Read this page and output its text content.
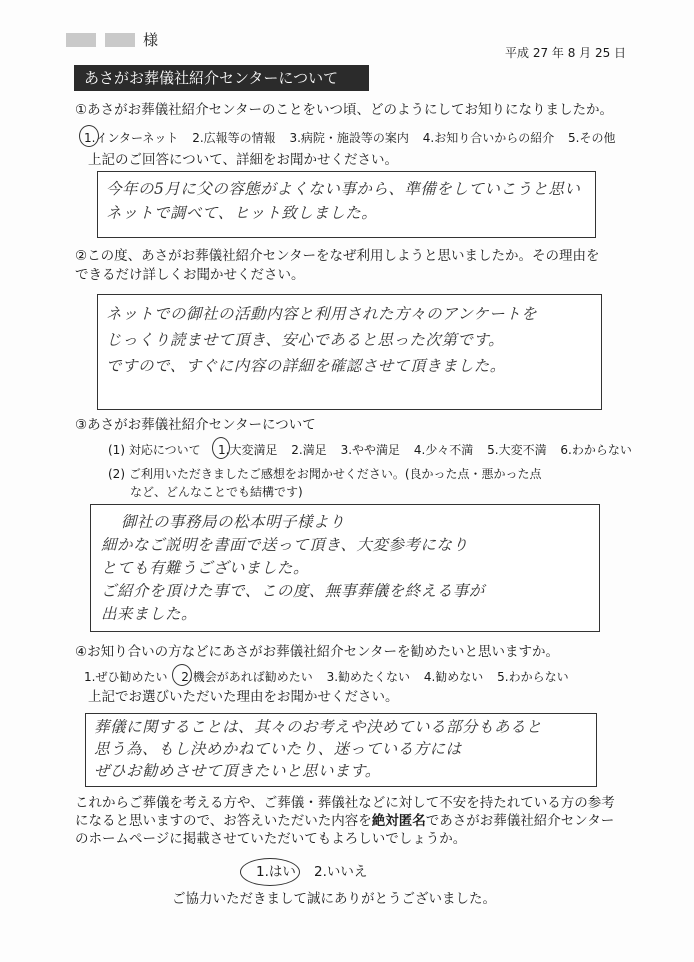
様
平成 27 年 8 月 25 日
あさがお葬儀社紹介センターについて
①あさがお葬儀社紹介センターのことをいつ頃、どのようにしてお知りになりましたか。
1.インターネット 2.広報等の情報 3.病院・施設等の案内 4.お知り合いからの紹介 5.その他
上記のご回答について、詳細をお聞かせください。
今年の5月に父の容態がよくない事から、準備をしていこうと思い
ネットで調べて、ヒット致しました。
②この度、あさがお葬儀社紹介センターをなぜ利用しようと思いましたか。その理由を
できるだけ詳しくお聞かせください。
ネットでの御社の活動内容と利用された方々のアンケートを
じっくり読ませて頂き、安心であると思った次第です。
ですので、すぐに内容の詳細を確認させて頂きました。
③あさがお葬儀社紹介センターについて
(1) 対応について 1.大変満足 2.満足 3.やや満足 4.少々不満 5.大変不満 6.わからない
(2) ご利用いただきましたご感想をお聞かせください。(良かった点・悪かった点
など、どんなことでも結構です)
御社の事務局の松本明子様より
細かなご説明を書面で送って頂き、大変参考になり
とても有難うございました。
ご紹介を頂けた事で、この度、無事葬儀を終える事が
出来ました。
④お知り合いの方などにあさがお葬儀社紹介センターを勧めたいと思いますか。
1.ぜひ勧めたい 2.機会があれば勧めたい 3.勧めたくない 4.勧めない 5.わからない
上記でお選びいただいた理由をお聞かせください。
葬儀に関することは、其々のお考えや決めている部分もあると
思う為、もし決めかねていたり、迷っている方には
ぜひお勧めさせて頂きたいと思います。
これからご葬儀を考える方や、ご葬儀・葬儀社などに対して不安を持たれている方の参考
になると思いますので、お答えいただいた内容を絶対匿名であさがお葬儀社紹介センター
のホームページに掲載させていただいてもよろしいでしょうか。
1.はい 2.いいえ
ご協力いただきまして誠にありがとうございました。
